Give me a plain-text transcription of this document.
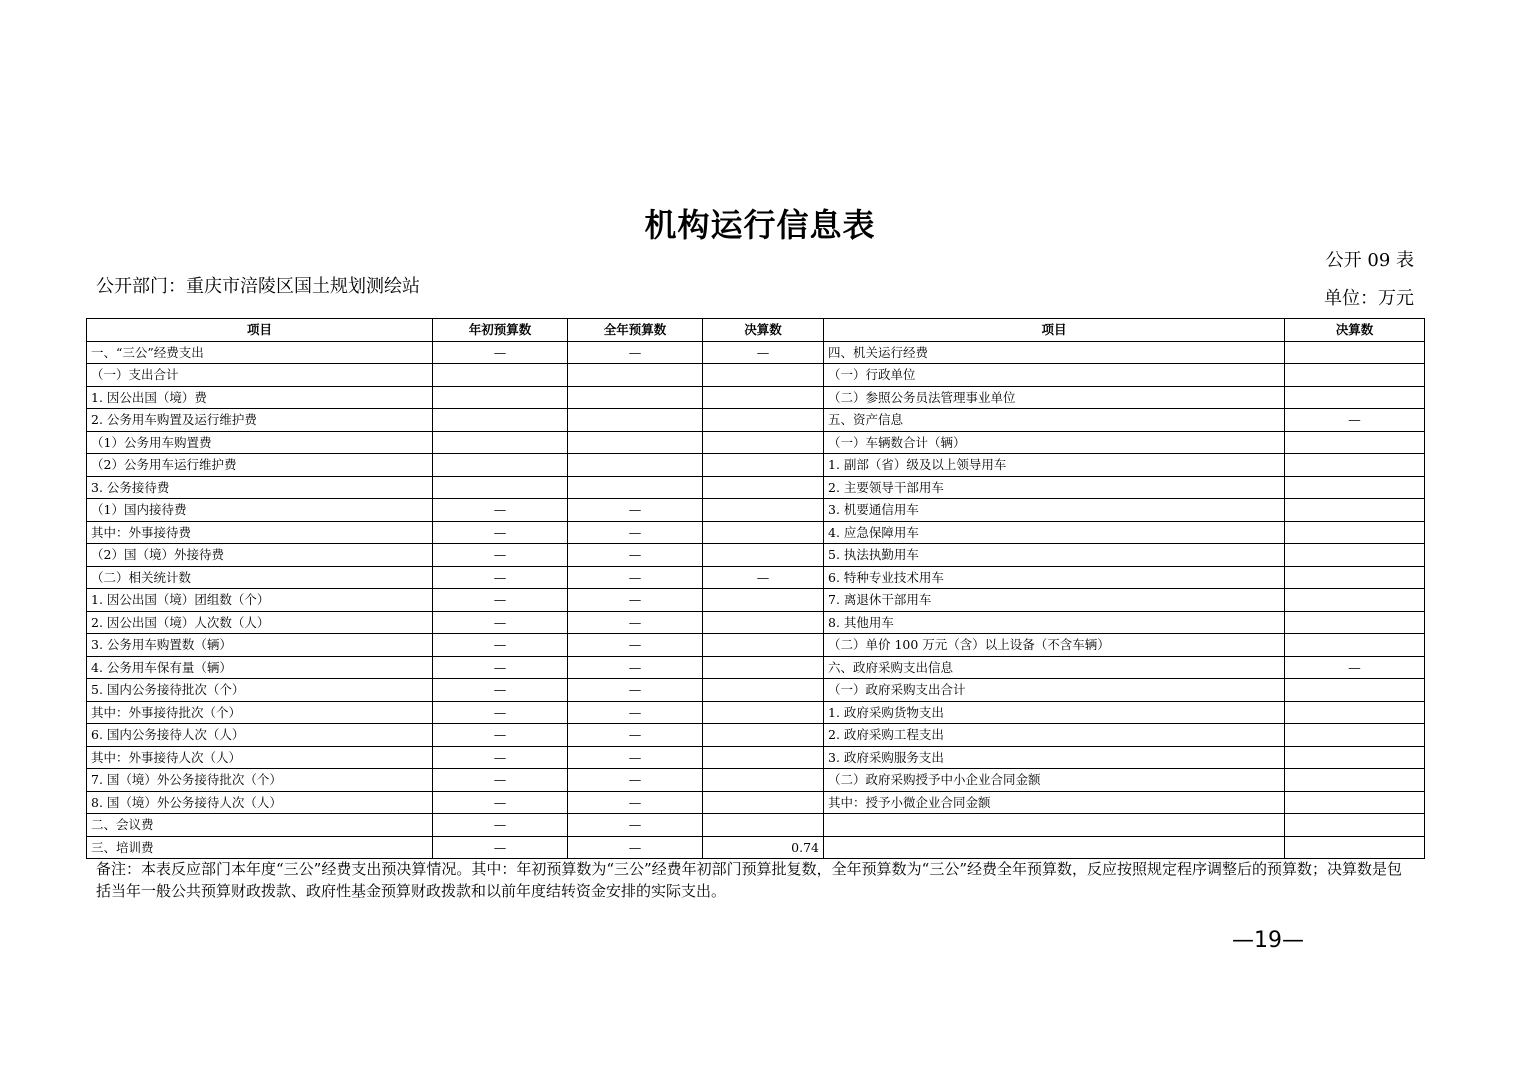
机构运行信息表
公开 09 表
公开部门：重庆市涪陵区国土规划测绘站
单位：万元
项目	年初预算数	全年预算数	决算数	项目	决算数
一、“三公”经费支出	—	—	—	四、机关运行经费	
（一）支出合计				（一）行政单位	
1. 因公出国（境）费				（二）参照公务员法管理事业单位	
2. 公务用车购置及运行维护费				五、资产信息	—
（1）公务用车购置费				（一）车辆数合计（辆）	
（2）公务用车运行维护费				1. 副部（省）级及以上领导用车	
3. 公务接待费				2. 主要领导干部用车	
（1）国内接待费	—	—		3. 机要通信用车	
其中：外事接待费	—	—		4. 应急保障用车	
（2）国（境）外接待费	—	—		5. 执法执勤用车	
（二）相关统计数	—	—	—	6. 特种专业技术用车	
1. 因公出国（境）团组数（个）	—	—		7. 离退休干部用车	
2. 因公出国（境）人次数（人）	—	—		8. 其他用车	
3. 公务用车购置数（辆）	—	—		（二）单价 100 万元（含）以上设备（不含车辆）	
4. 公务用车保有量（辆）	—	—		六、政府采购支出信息	—
5. 国内公务接待批次（个）	—	—		（一）政府采购支出合计	
其中：外事接待批次（个）	—	—		1. 政府采购货物支出	
6. 国内公务接待人次（人）	—	—		2. 政府采购工程支出	
其中：外事接待人次（人）	—	—		3. 政府采购服务支出	
7. 国（境）外公务接待批次（个）	—	—		（二）政府采购授予中小企业合同金额	
8. 国（境）外公务接待人次（人）	—	—		其中：授予小微企业合同金额	
二、会议费	—	—			
三、培训费	—	—	0.74		
备注：本表反应部门本年度“三公”经费支出预决算情况。其中：年初预算数为“三公”经费年初部门预算批复数，全年预算数为“三公”经费全年预算数，反应按照规定程序调整后的预算数；决算数是包括当年一般公共预算财政拨款、政府性基金预算财政拨款和以前年度结转资金安排的实际支出。
—19—
